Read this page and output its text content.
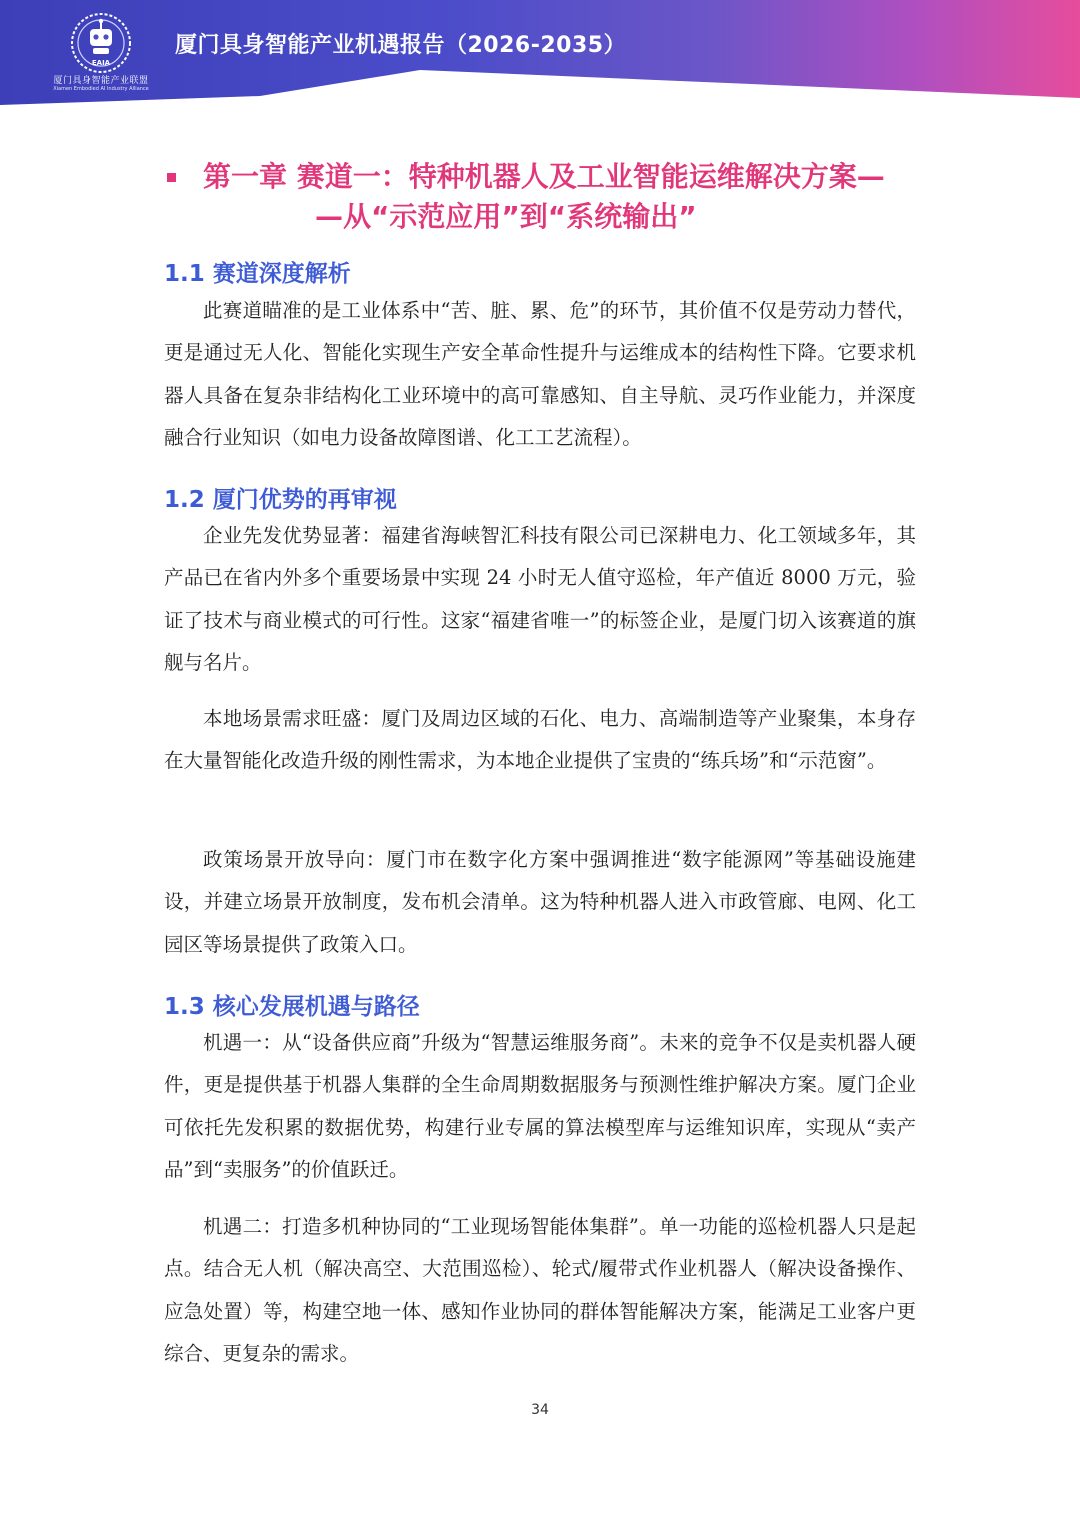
EAIA
厦门具身智能产业联盟
Xiamen Embodied AI Industry Alliance
厦门具身智能产业机遇报告（2026-2035）
第一章 赛道一：特种机器人及工业智能运维解决方案—
—从“示范应用”到“系统输出”
1.1 赛道深度解析

此赛道瞄准的是工业体系中“苦、脏、累、危”的环节，其价值不仅是劳动力替代，更是通过无人化、智能化实现生产安全革命性提升与运维成本的结构性下降。它要求机器人具备在复杂非结构化工业环境中的高可靠感知、自主导航、灵巧作业能力，并深度融合行业知识（如电力设备故障图谱、化工工艺流程）。

1.2 厦门优势的再审视

企业先发优势显著：福建省海峡智汇科技有限公司已深耕电力、化工领域多年，其产品已在省内外多个重要场景中实现 24 小时无人值守巡检，年产值近 8000 万元，验证了技术与商业模式的可行性。这家“福建省唯一”的标签企业，是厦门切入该赛道的旗舰与名片。

本地场景需求旺盛：厦门及周边区域的石化、电力、高端制造等产业聚集，本身存在大量智能化改造升级的刚性需求，为本地企业提供了宝贵的“练兵场”和“示范窗”。

政策场景开放导向：厦门市在数字化方案中强调推进“数字能源网”等基础设施建设，并建立场景开放制度，发布机会清单。这为特种机器人进入市政管廊、电网、化工园区等场景提供了政策入口。

1.3 核心发展机遇与路径

机遇一：从“设备供应商”升级为“智慧运维服务商”。未来的竞争不仅是卖机器人硬件，更是提供基于机器人集群的全生命周期数据服务与预测性维护解决方案。厦门企业可依托先发积累的数据优势，构建行业专属的算法模型库与运维知识库，实现从“卖产品”到“卖服务”的价值跃迁。

机遇二：打造多机种协同的“工业现场智能体集群”。单一功能的巡检机器人只是起点。结合无人机（解决高空、大范围巡检）、轮式/履带式作业机器人（解决设备操作、应急处置）等，构建空地一体、感知作业协同的群体智能解决方案，能满足工业客户更综合、更复杂的需求。

34
